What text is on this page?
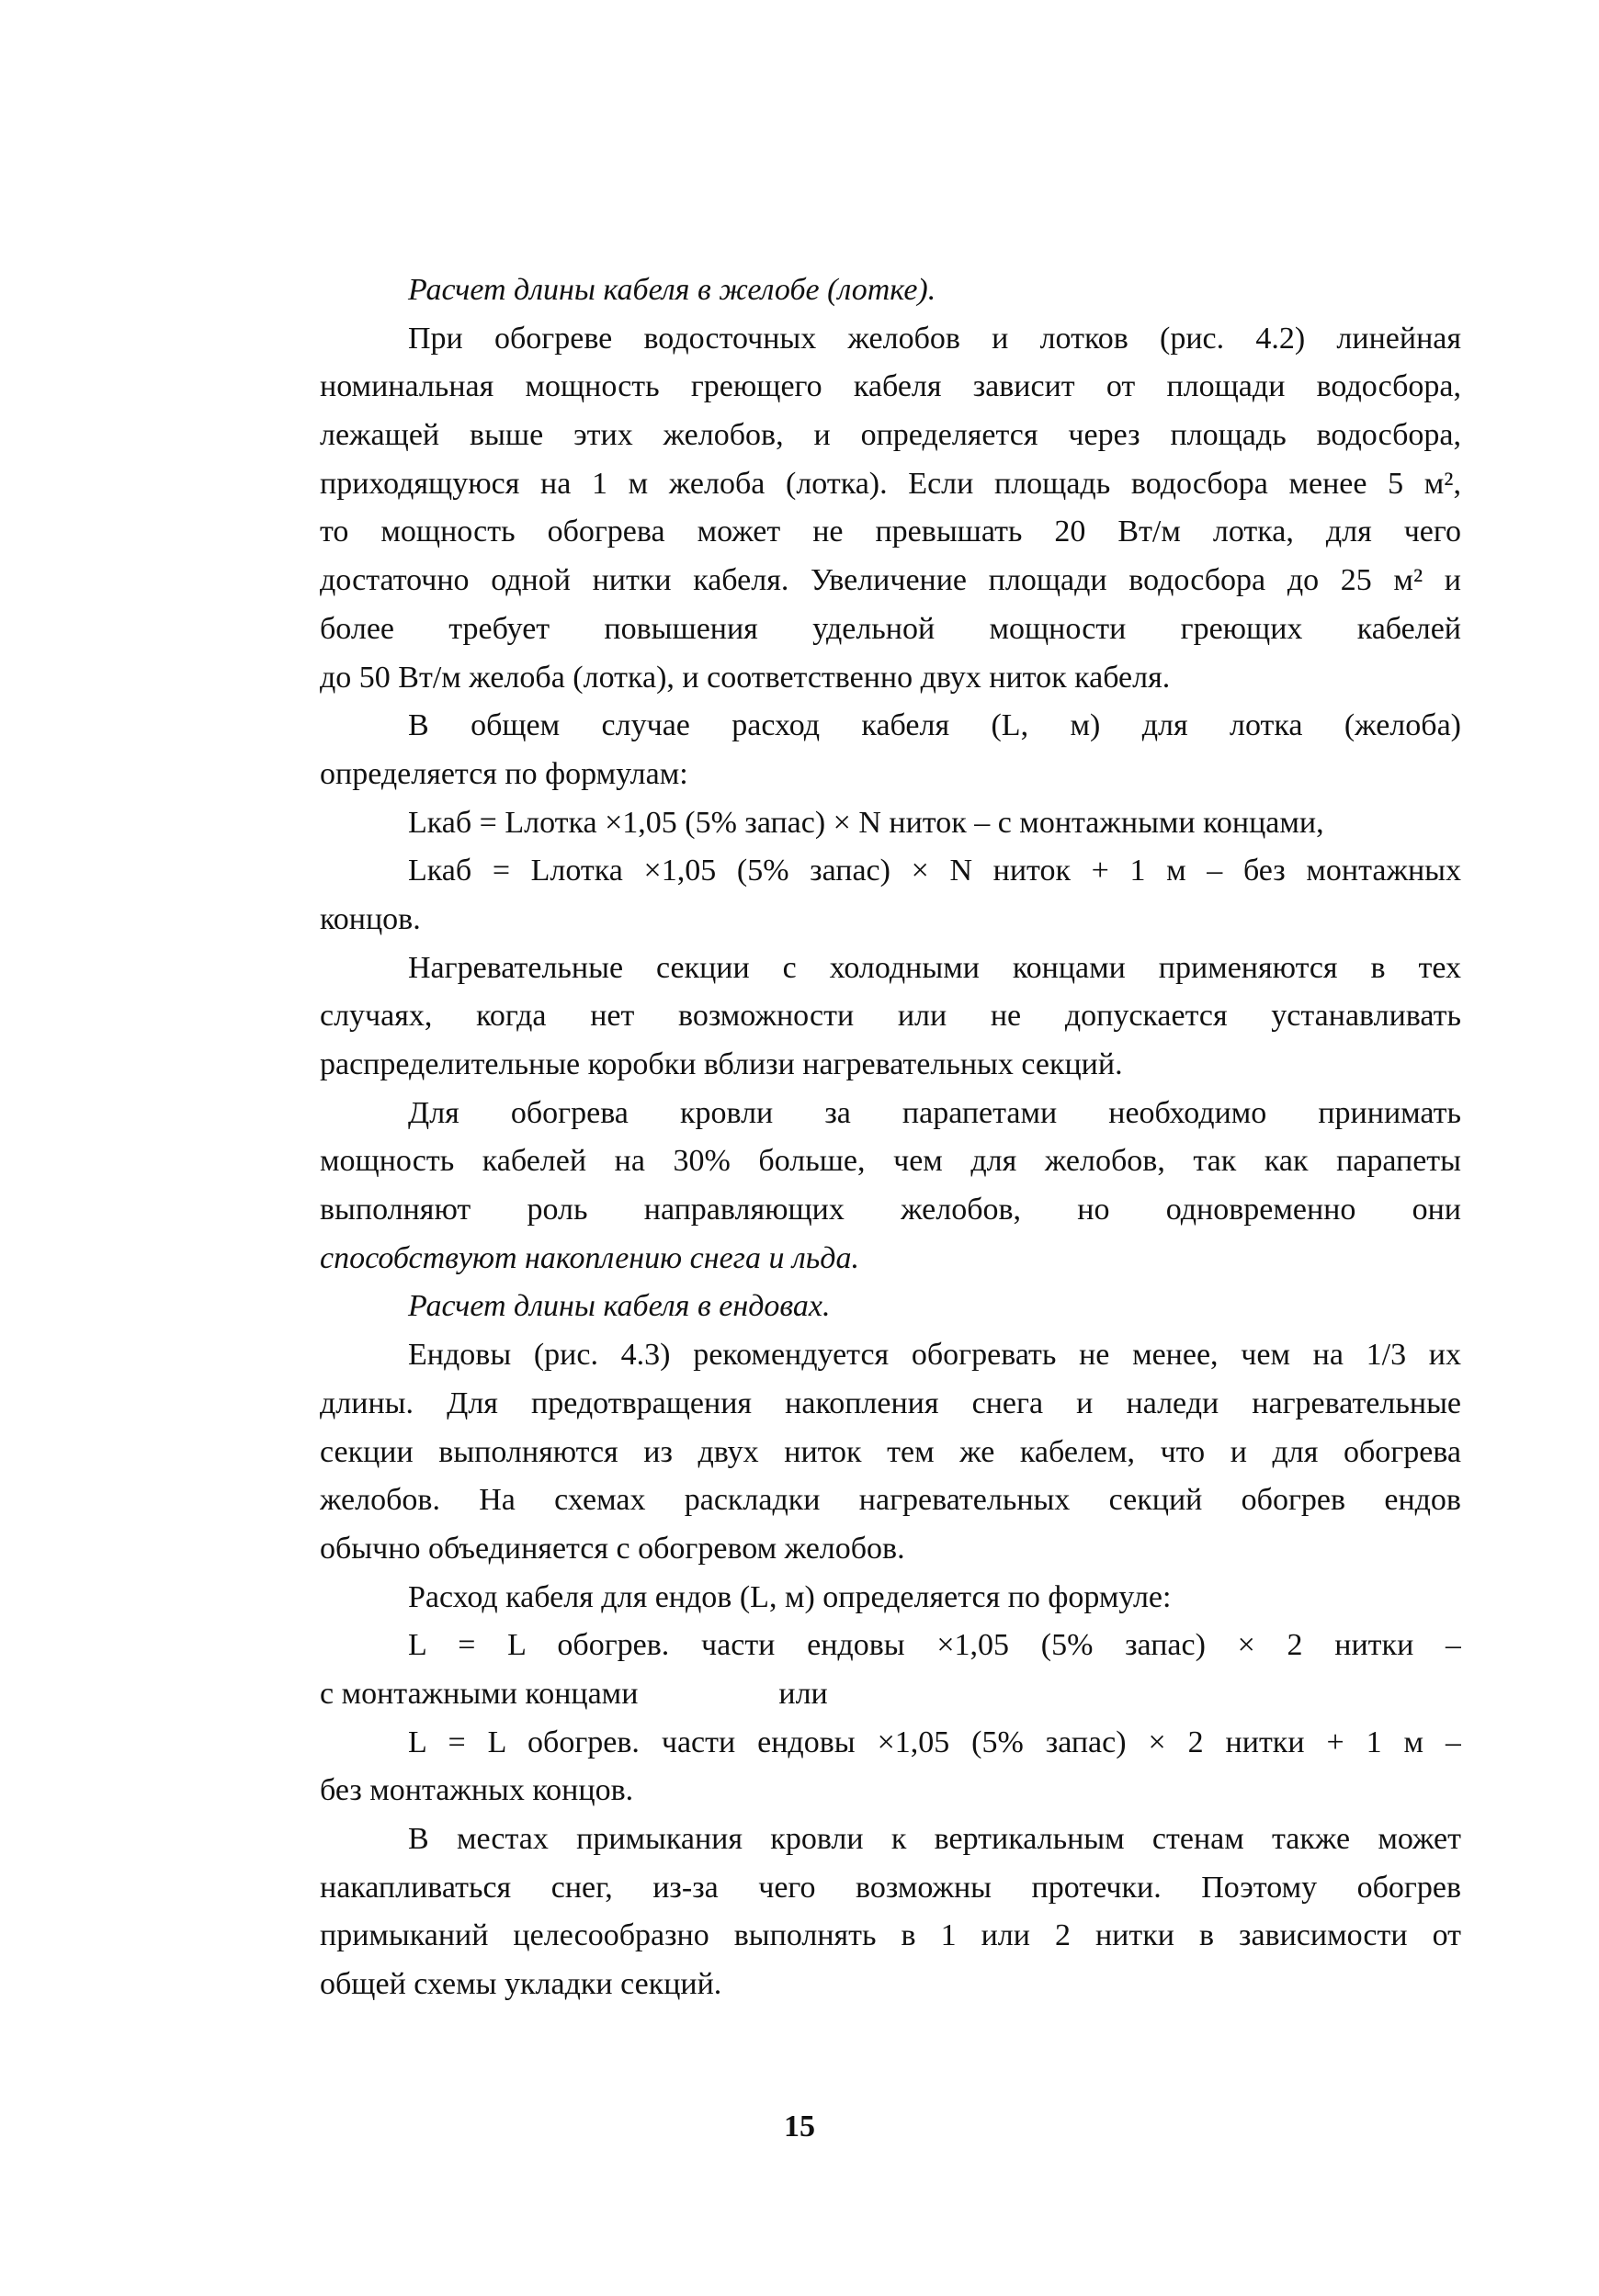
Расчет длины кабеля в желобе (лотке).
При обогреве водосточных желобов и лотков (рис. 4.2) линейная
номинальная мощность греющего кабеля зависит от площади водосбора,
лежащей выше этих желобов, и определяется через площадь водосбора,
приходящуюся на 1 м желоба (лотка). Если площадь водосбора менее 5 м²,
то мощность обогрева может не превышать 20 Вт/м лотка, для чего
достаточно одной нитки кабеля. Увеличение площади водосбора до 25 м² и
более требует повышения удельной мощности греющих кабелей
до 50 Вт/м желоба (лотка), и соответственно двух ниток кабеля.
В общем случае расход кабеля (L, м) для лотка (желоба)
определяется по формулам:
Lкаб = Lлотка ×1,05 (5% запас) × N ниток – с монтажными концами,
Lкаб = Lлотка ×1,05 (5% запас) × N ниток + 1 м – без монтажных
концов.
Нагревательные секции с холодными концами применяются в тех
случаях, когда нет возможности или не допускается устанавливать
распределительные коробки вблизи нагревательных секций.
Для обогрева кровли за парапетами необходимо принимать
мощность кабелей на 30% больше, чем для желобов, так как парапеты
выполняют роль направляющих желобов, но одновременно они
способствуют накоплению снега и льда.
Расчет длины кабеля в ендовах.
Ендовы (рис. 4.3) рекомендуется обогревать не менее, чем на 1/3 их
длины. Для предотвращения накопления снега и наледи нагревательные
секции выполняются из двух ниток тем же кабелем, что и для обогрева
желобов. На схемах раскладки нагревательных секций обогрев ендов
обычно объединяется с обогревом желобов.
Расход кабеля для ендов (L, м) определяется по формуле:
L = L обогрев. части ендовы ×1,05 (5% запас) × 2 нитки –
с монтажными концами                  или
L = L обогрев. части ендовы ×1,05 (5% запас) × 2 нитки + 1 м –
без монтажных концов.
В местах примыкания кровли к вертикальным стенам также может
накапливаться снег, из-за чего возможны протечки. Поэтому обогрев
примыканий целесообразно выполнять в 1 или 2 нитки в зависимости от
общей схемы укладки секций.
15
